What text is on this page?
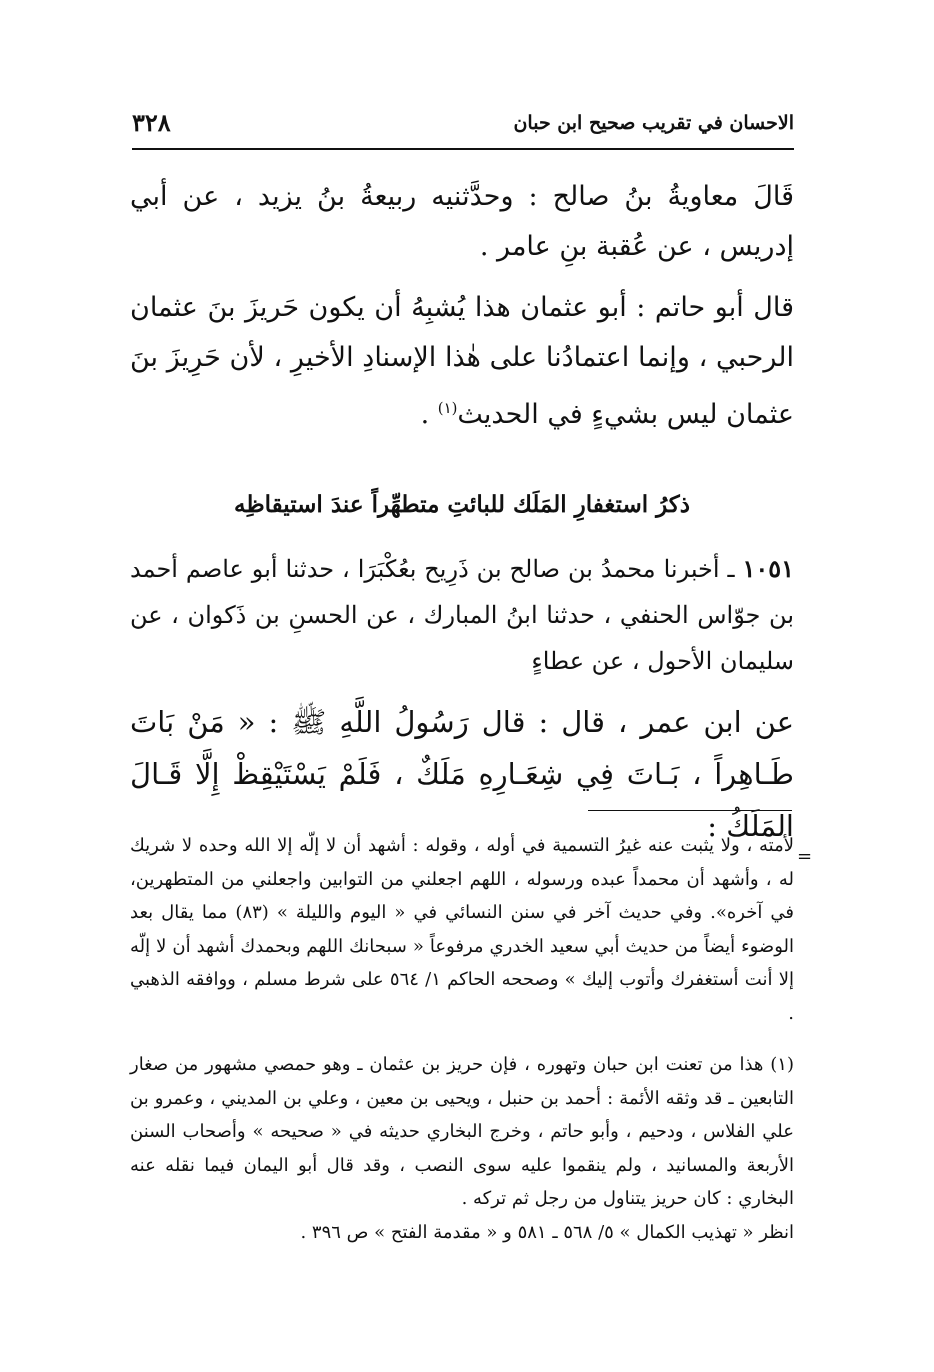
الاحسان في تقريب صحيح ابن حبان
٣٢٨

قَالَ معاويةُ بنُ صالح : وحدَّثنيه ربيعةُ بنُ يزيد ، عن أبي إدريس ، عن عُقبة بنِ عامر .

قال أبو حاتم : أبو عثمان هذا يُشبِهُ أن يكون حَريزَ بنَ عثمان الرحبي ، وإنما اعتمادُنا على هٰذا الإسنادِ الأخيرِ ، لأن حَرِيزَ بنَ عثمان ليس بشيءٍ في الحديث$^{(١)}$ .

ذكرُ استغفارِ المَلَك للبائتِ متطهِّراً عندَ استيقاظِه

١٠٥١ ـ أخبرنا محمدُ بن صالح بن ذَرِيح بعُكْبَرَا ، حدثنا أبو عاصم أحمد بن جوّاس الحنفي ، حدثنا ابنُ المبارك ، عن الحسنِ بن ذَكوان ، عن سليمان الأحول ، عن عطاءٍ

عن ابن عمر ، قال : قال رَسُولُ اللَّهِ ﷺ : « مَنْ بَاتَ طَـاهِراً ، بَـاتَ فِي شِعَـارِهِ مَلَكٌ ، فَلَمْ يَسْتَيْقِظْ إِلَّا قَـالَ المَلَكُ :

=

لأمته ، ولا يثبت عنه غيرُ التسمية في أوله ، وقوله : أشهد أن لا إلّه إلا الله وحده لا شريك له ، وأشهد أن محمداً عبده ورسوله ، اللهم اجعلني من التوابين واجعلني من المتطهرين، في آخره». وفي حديث آخر في سنن النسائي في « اليوم والليلة » (٨٣) مما يقال بعد الوضوء أيضاً من حديث أبي سعيد الخدري مرفوعاً « سبحانك اللهم وبحمدك أشهد أن لا إلّه إلا أنت أستغفرك وأتوب إليك » وصححه الحاكم ١/ ٥٦٤ على شرط مسلم ، ووافقه الذهبي .

(١) هذا من تعنت ابن حبان وتهوره ، فإن حريز بن عثمان ـ وهو حمصي مشهور من صغار التابعين ـ قد وثقه الأئمة : أحمد بن حنبل ، ويحيى بن معين ، وعلي بن المديني ، وعمرو بن علي الفلاس ، ودحيم ، وأبو حاتم ، وخرج البخاري حديثه في « صحيحه » وأصحاب السنن الأربعة والمسانيد ، ولم ينقموا عليه سوى النصب ، وقد قال أبو اليمان فيما نقله عنه البخاري : كان حريز يتناول من رجل ثم تركه .

انظر « تهذيب الكمال » ٥/ ٥٦٨ ـ ٥٨١ و « مقدمة الفتح » ص ٣٩٦ .
